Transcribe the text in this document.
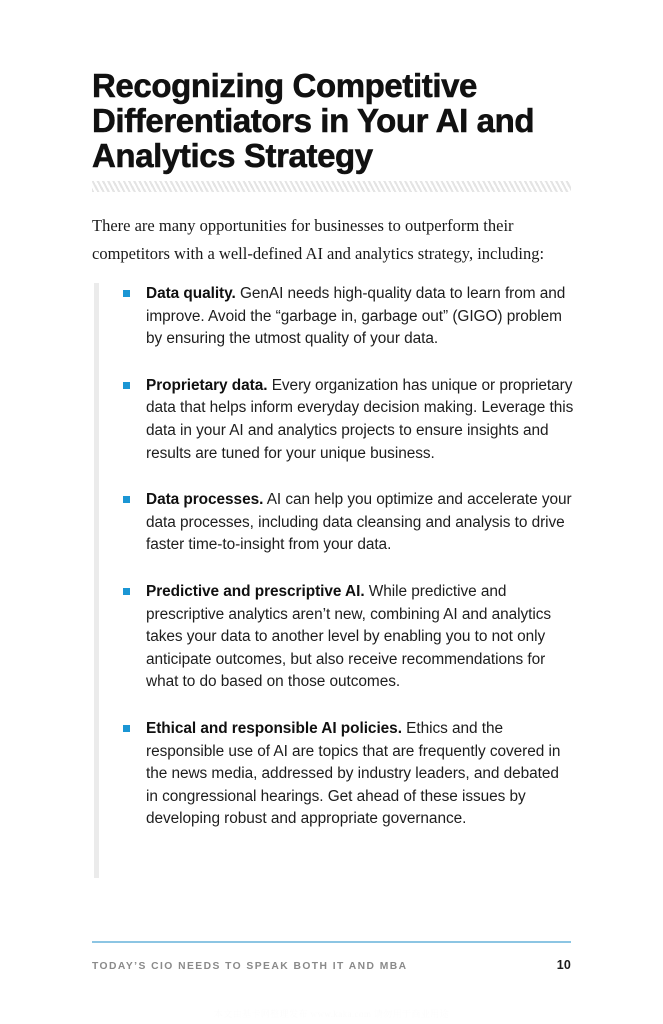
Recognizing Competitive Differentiators in Your AI and Analytics Strategy

There are many opportunities for businesses to outperform their competitors with a well-defined AI and analytics strategy, including:

Data quality. GenAI needs high-quality data to learn from and improve. Avoid the “garbage in, garbage out” (GIGO) problem by ensuring the utmost quality of your data.
Proprietary data. Every organization has unique or proprietary data that helps inform everyday decision making. Leverage this data in your AI and analytics projects to ensure insights and results are tuned for your unique business.
Data processes. AI can help you optimize and accelerate your data processes, including data cleansing and analysis to drive faster time-to-insight from your data.
Predictive and prescriptive AI. While predictive and prescriptive analytics aren’t new, combining AI and analytics takes your data to another level by enabling you to not only anticipate outcomes, but also receive recommendations for what to do based on those outcomes.
Ethical and responsible AI policies. Ethics and the responsible use of AI are topics that are frequently covered in the news media, addressed by industry leaders, and debated in congressional hearings. Get ahead of these issues by developing robust and appropriate governance.
TODAY’S CIO NEEDS TO SPEAK BOTH IT AND MBA	10
本文由基卡网整理发布 www.kaka.com 请勿用于商业用途
